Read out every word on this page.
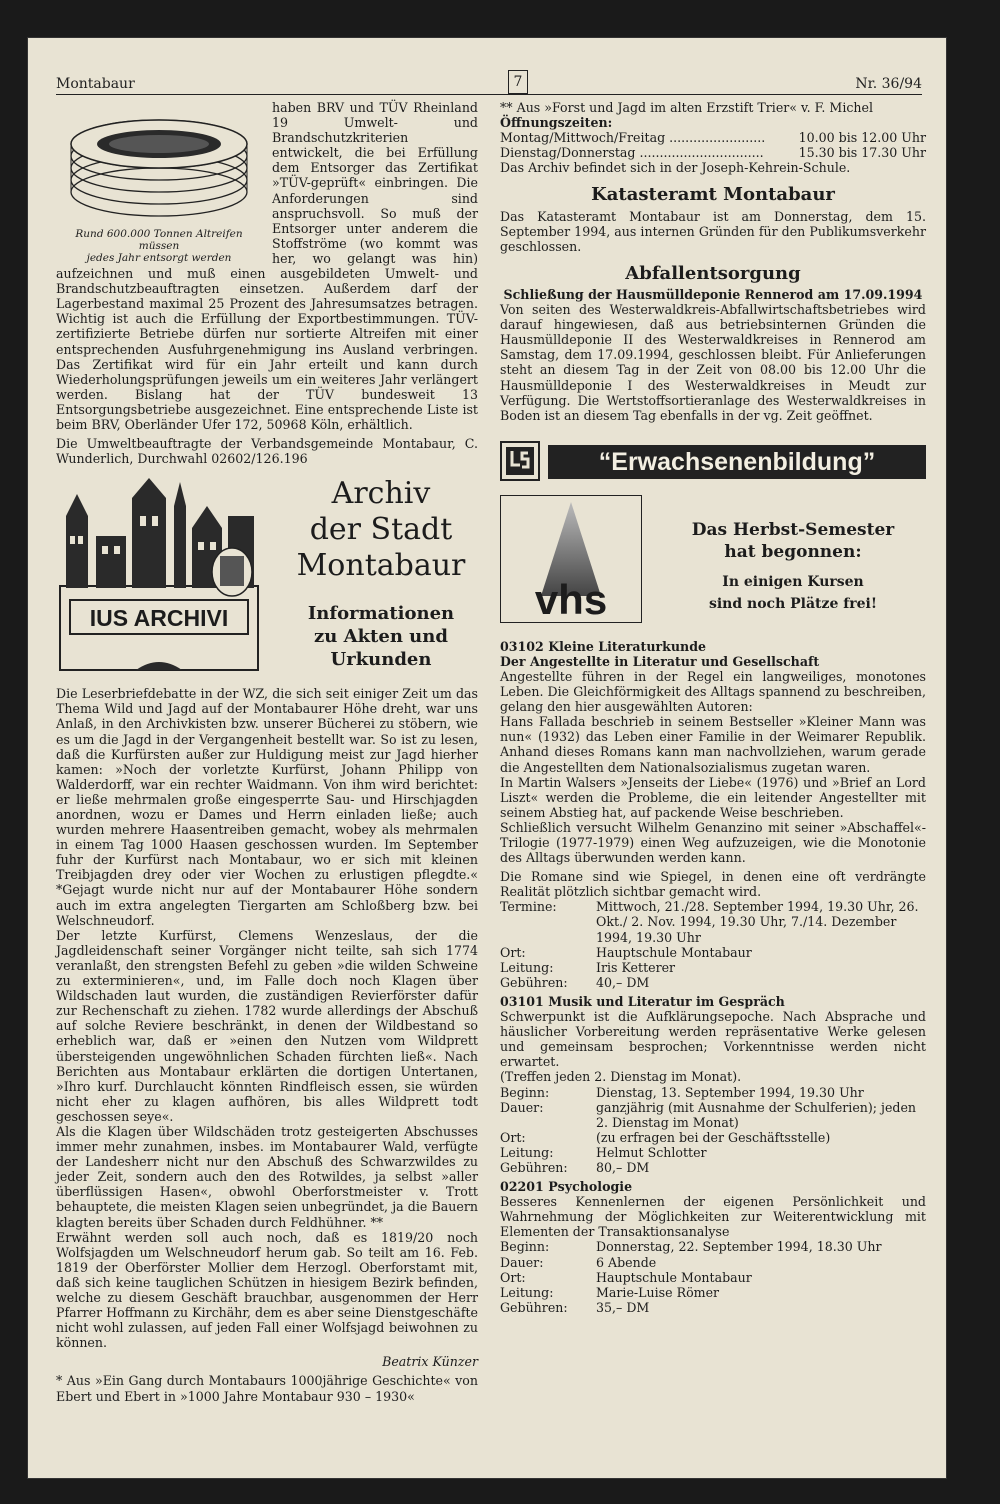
Montabaur	7	Nr. 36/94
Rund 600.000 Tonnen Altreifen müssen
jedes Jahr entsorgt werden

haben BRV und TÜV Rheinland 19 Umwelt- und Brandschutzkriterien entwickelt, die bei Erfüllung dem Entsorger das Zertifikat »TÜV-geprüft« einbringen. Die Anforderungen sind anspruchsvoll. So muß der Entsorger unter anderem die Stoffströme (wo kommt was her, wo gelangt was hin) aufzeichnen und muß einen ausgebildeten Umwelt- und Brandschutzbeauftragten einsetzen. Außerdem darf der Lagerbestand maximal 25 Prozent des Jahresumsatzes betragen. Wichtig ist auch die Erfüllung der Exportbestimmungen. TÜV-zertifizierte Betriebe dürfen nur sortierte Altreifen mit einer entsprechenden Ausfuhrgenehmigung ins Ausland verbringen. Das Zertifikat wird für ein Jahr erteilt und kann durch Wiederholungsprüfungen jeweils um ein weiteres Jahr verlängert werden. Bislang hat der TÜV bundesweit 13 Entsorgungsbetriebe ausgezeichnet. Eine entsprechende Liste ist beim BRV, Oberländer Ufer 172, 50968 Köln, erhältlich.

Die Umweltbeauftragte der Verbandsgemeinde Montabaur, C. Wunderlich, Durchwahl 02602/126.196

IUS ARCHIVI
Archiv
der Stadt
Montabaur
Informationen
zu Akten und
Urkunden

Die Leserbriefdebatte in der WZ, die sich seit einiger Zeit um das Thema Wild und Jagd auf der Montabaurer Höhe dreht, war uns Anlaß, in den Archivkisten bzw. unserer Bücherei zu stöbern, wie es um die Jagd in der Vergangenheit bestellt war. So ist zu lesen, daß die Kurfürsten außer zur Huldigung meist zur Jagd hierher kamen: »Noch der vorletzte Kurfürst, Johann Philipp von Walderdorff, war ein rechter Waidmann. Von ihm wird berichtet: er ließe mehrmalen große eingesperrte Sau- und Hirschjagden anordnen, wozu er Dames und Herrn einladen ließe; auch wurden mehrere Haasentreiben gemacht, wobey als mehrmalen in einem Tag 1000 Haasen geschossen wurden. Im September fuhr der Kurfürst nach Montabaur, wo er sich mit kleinen Treibjagden drey oder vier Wochen zu erlustigen pflegdte.« *Gejagt wurde nicht nur auf der Montabaurer Höhe sondern auch im extra angelegten Tiergarten am Schloßberg bzw. bei Welschneudorf.

Der letzte Kurfürst, Clemens Wenzeslaus, der die Jagdleidenschaft seiner Vorgänger nicht teilte, sah sich 1774 veranlaßt, den strengsten Befehl zu geben »die wilden Schweine zu exterminieren«, und, im Falle doch noch Klagen über Wildschaden laut wurden, die zuständigen Revierförster dafür zur Rechenschaft zu ziehen. 1782 wurde allerdings der Abschuß auf solche Reviere beschränkt, in denen der Wildbestand so erheblich war, daß er »einen den Nutzen vom Wildprett übersteigenden ungewöhnlichen Schaden fürchten ließ«. Nach Berichten aus Montabaur erklärten die dortigen Untertanen, »Ihro kurf. Durchlaucht könnten Rindfleisch essen, sie würden nicht eher zu klagen aufhören, bis alles Wildprett todt geschossen seye«.

Als die Klagen über Wildschäden trotz gesteigerten Abschusses immer mehr zunahmen, insbes. im Montabaurer Wald, verfügte der Landesherr nicht nur den Abschuß des Schwarzwildes zu jeder Zeit, sondern auch den des Rotwildes, ja selbst »aller überflüssigen Hasen«, obwohl Oberforstmeister v. Trott behauptete, die meisten Klagen seien unbegründet, ja die Bauern klagten bereits über Schaden durch Feldhühner. **

Erwähnt werden soll auch noch, daß es 1819/20 noch Wolfsjagden um Welschneudorf herum gab. So teilt am 16. Feb. 1819 der Oberförster Mollier dem Herzogl. Oberforstamt mit, daß sich keine tauglichen Schützen in hiesigem Bezirk befinden, welche zu diesem Geschäft brauchbar, ausgenommen der Herr Pfarrer Hoffmann zu Kirchähr, dem es aber seine Dienstgeschäfte nicht wohl zulassen, auf jeden Fall einer Wolfsjagd beiwohnen zu können.

Beatrix Künzer

* Aus »Ein Gang durch Montabaurs 1000jährige Geschichte« von Ebert und Ebert in »1000 Jahre Montabaur 930 – 1930«

** Aus »Forst und Jagd im alten Erzstift Trier« v. F. Michel

Öffnungszeiten:
Montag/Mittwoch/Freitag ........................	10.00 bis 12.00 Uhr
Dienstag/Donnerstag ...............................	15.30 bis 17.30 Uhr

Das Archiv befindet sich in der Joseph-Kehrein-Schule.

Katasteramt Montabaur

Das Katasteramt Montabaur ist am Donnerstag, dem 15. September 1994, aus internen Gründen für den Publikumsverkehr geschlossen.

Abfallentsorgung
Schließung der Hausmülldeponie Rennerod am 17.09.1994

Von seiten des Westerwaldkreis-Abfallwirtschaftsbetriebes wird darauf hingewiesen, daß aus betriebsinternen Gründen die Hausmülldeponie II des Westerwaldkreises in Rennerod am Samstag, dem 17.09.1994, geschlossen bleibt. Für Anlieferungen steht an diesem Tag in der Zeit von 08.00 bis 12.00 Uhr die Hausmülldeponie I des Westerwaldkreises in Meudt zur Verfügung. Die Wertstoffsortieranlage des Westerwaldkreises in Boden ist an diesem Tag ebenfalls in der vg. Zeit geöffnet.

“Erwachsenenbildung”
vhs
Das Herbst-Semester
hat begonnen:
In einigen Kursen
sind noch Plätze frei!
03102 Kleine Literaturkunde
Der Angestellte in Literatur und Gesellschaft

Angestellte führen in der Regel ein langweiliges, monotones Leben. Die Gleichförmigkeit des Alltags spannend zu beschreiben, gelang den hier ausgewählten Autoren:

Hans Fallada beschrieb in seinem Bestseller »Kleiner Mann was nun« (1932) das Leben einer Familie in der Weimarer Republik. Anhand dieses Romans kann man nachvollziehen, warum gerade die Angestellten dem Nationalsozialismus zugetan waren.

In Martin Walsers »Jenseits der Liebe« (1976) und »Brief an Lord Liszt« werden die Probleme, die ein leitender Angestellter mit seinem Abstieg hat, auf packende Weise beschrieben.

Schließlich versucht Wilhelm Genanzino mit seiner »Abschaffel«- Trilogie (1977-1979) einen Weg aufzuzeigen, wie die Monotonie des Alltags überwunden werden kann.

Die Romane sind wie Spiegel, in denen eine oft verdrängte Realität plötzlich sichtbar gemacht wird.

Termine:	Mittwoch, 21./28. September 1994, 19.30 Uhr, 26. Okt./ 2. Nov. 1994, 19.30 Uhr, 7./14. Dezember 1994, 19.30 Uhr
Ort:	Hauptschule Montabaur
Leitung:	Iris Ketterer
Gebühren:	40,– DM
03101 Musik und Literatur im Gespräch

Schwerpunkt ist die Aufklärungsepoche. Nach Absprache und häuslicher Vorbereitung werden repräsentative Werke gelesen und gemeinsam besprochen; Vorkenntnisse werden nicht erwartet.

(Treffen jeden 2. Dienstag im Monat).

Beginn:	Dienstag, 13. September 1994, 19.30 Uhr
Dauer:	ganzjährig (mit Ausnahme der Schulferien); jeden 2. Dienstag im Monat)
Ort:	(zu erfragen bei der Geschäftsstelle)
Leitung:	Helmut Schlotter
Gebühren:	80,– DM
02201 Psychologie

Besseres Kennenlernen der eigenen Persönlichkeit und Wahrnehmung der Möglichkeiten zur Weiterentwicklung mit Elementen der Transaktionsanalyse

Beginn:	Donnerstag, 22. September 1994, 18.30 Uhr
Dauer:	6 Abende
Ort:	Hauptschule Montabaur
Leitung:	Marie-Luise Römer
Gebühren:	35,– DM
